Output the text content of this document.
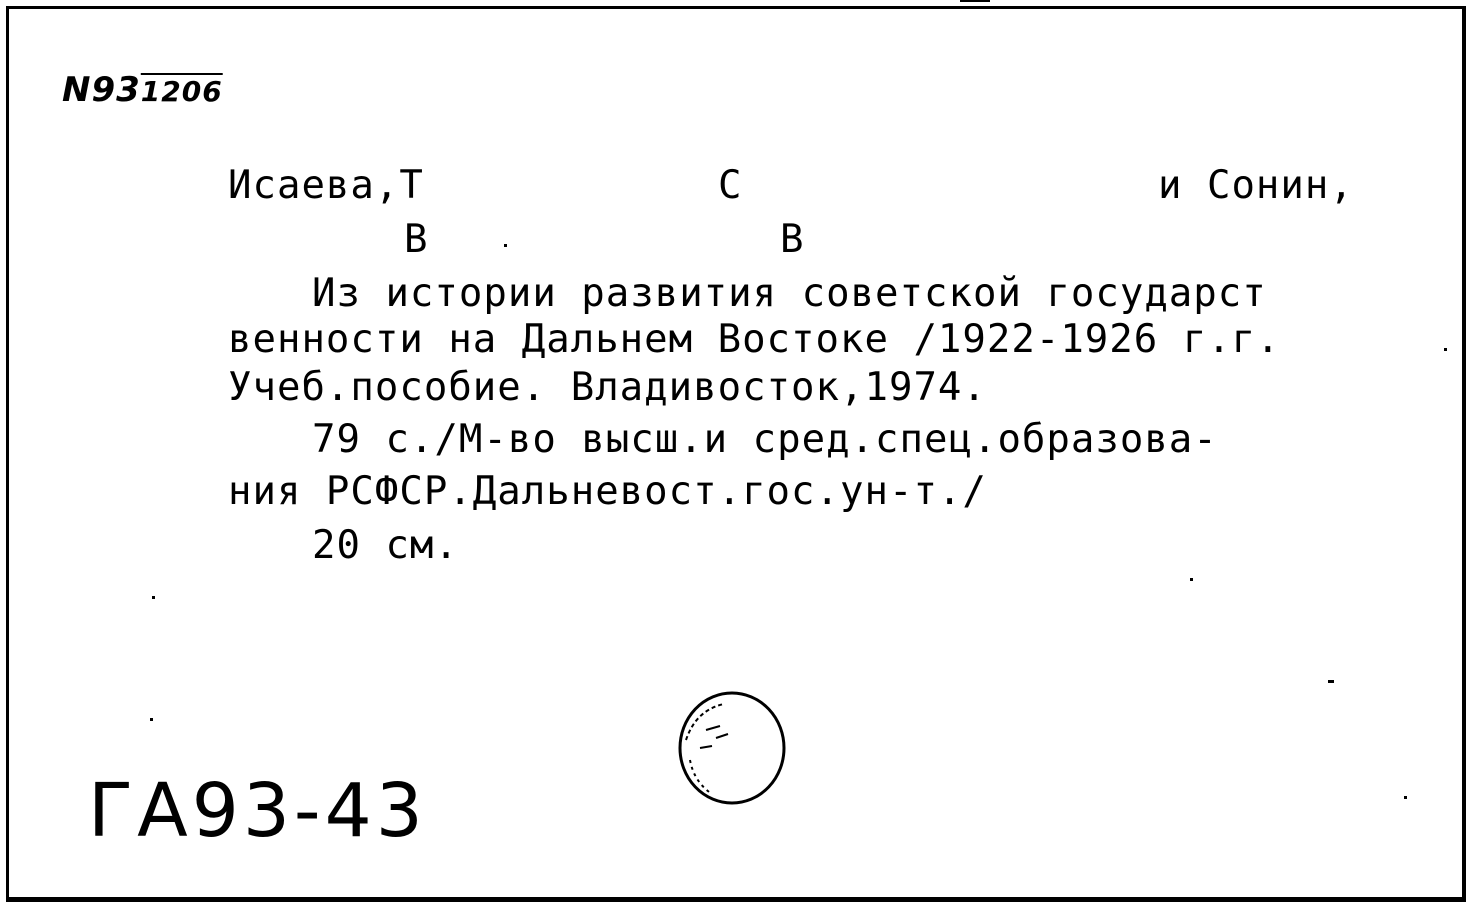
N931206
Исаева,Т	С	и Сонин,
В	В
Из истории развития советской государст
венности на Дальнем Востоке /1922-1926 г.г.
Учеб.пособие. Владивосток,1974.
79 с./М-во высш.и сред.спец.образова-
ния РСФСР.Дальневост.гос.ун-т./
20 см.
ГА93-43
